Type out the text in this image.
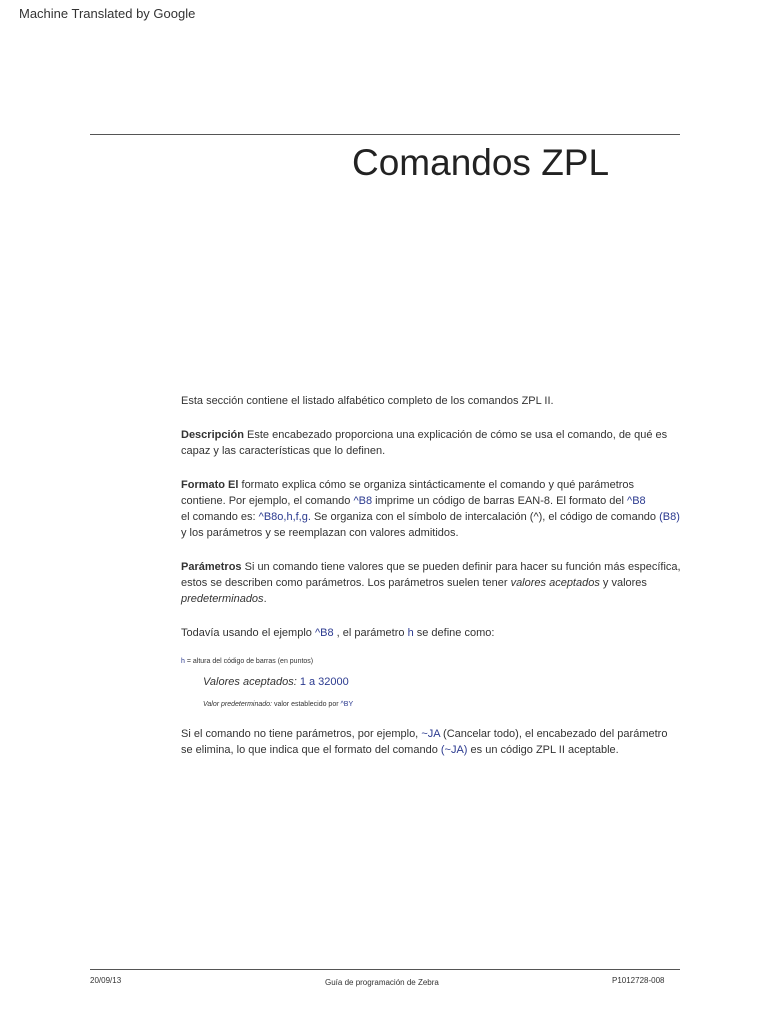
Machine Translated by Google
Comandos ZPL

Esta sección contiene el listado alfabético completo de los comandos ZPL II.

Descripción Este encabezado proporciona una explicación de cómo se usa el comando, de qué es capaz y las características que lo definen.

Formato El formato explica cómo se organiza sintácticamente el comando y qué parámetros contiene. Por ejemplo, el comando ^B8 imprime un código de barras EAN-8. El formato del ^B8
el comando es: ^B8o,h,f,g. Se organiza con el símbolo de intercalación (^), el código de comando (B8)
y los parámetros y se reemplazan con valores admitidos.

Parámetros Si un comando tiene valores que se pueden definir para hacer su función más específica, estos se describen como parámetros. Los parámetros suelen tener valores aceptados y valores
predeterminados.

Todavía usando el ejemplo ^B8 , el parámetro h se define como:

h = altura del código de barras (en puntos)

Valores aceptados: 1 a 32000

Valor predeterminado: valor establecido por ^BY

Si el comando no tiene parámetros, por ejemplo, ~JA (Cancelar todo), el encabezado del parámetro se elimina, lo que indica que el formato del comando (~JA) es un código ZPL II aceptable.

20/09/13	Guía de programación de Zebra	P1012728-008
